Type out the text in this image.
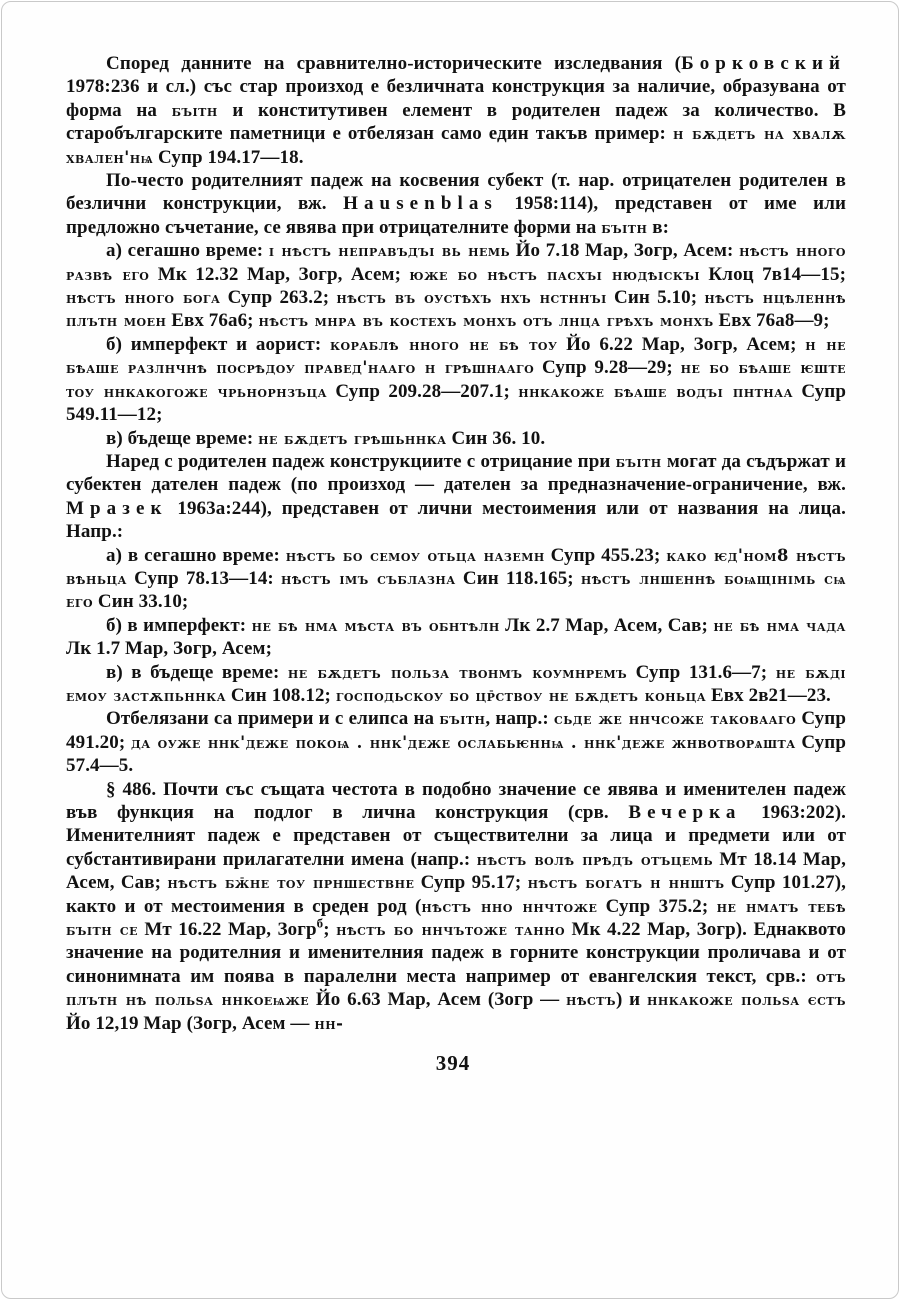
Според данните на сравнително-историческите изследвания (Борковский 1978:236 и сл.) със стар произход е безличната конструкция за наличие, образувана от форма на бъітн и конститутивен елемент в родителен падеж за количество. В старобългарските паметници е отбелязан само един такъв пример: н бѫдетъ на хвалѫ хвален'нѩ Супр 194.17—18.

По-често родителният падеж на косвения субект (т. нар. отрицателен родителен в безлични конструкции, вж. Hausenblas 1958:114), представен от име или предложно съчетание, се явява при отрицателните форми на бъітн в:

а) сегашно време: і нѣстъ неправъдъі вь немь Йо 7.18 Мар, Зогр, Асем: нѣстъ нного развѣ его Мк 12.32 Мар, Зогр, Асем; юже бо нѣстъ пасхъі нюдѣіскъі Клоц 7в14—15; нѣстъ нного бога Супр 263.2; нѣстъ въ оустѣхъ нхъ нстннъі Син 5.10; нѣстъ нцѣленнѣ плътн моен Евх 76а6; нѣстъ мнра въ костехъ монхъ отъ лнца грѣхъ монхъ Евх 76а8—9;

б) имперфект и аорист: кораблѣ нного не бѣ тоу Йо 6.22 Мар, Зогр, Асем; н не бѣаше разлнчнѣ посрѣдоу правед'нааго н грѣшнааго Супр 9.28—29; не бо бѣаше ѥште тоу ннкакогоже чрьнорнзъца Супр 209.28—207.1; ннкакоже бѣаше водъі пнтнаа Супр 549.11—12;

в) бъдеще време: не бѫдетъ грѣшьннка Син 36. 10.

Наред с родителен падеж конструкциите с отрицание при бъітн могат да съдържат и субектен дателен падеж (по произход — дателен за предназначение-ограничение, вж. Мразек 1963а:244), представен от лични местоимения или от названия на лица. Напр.:

а) в сегашно време: нѣстъ бо семоу отьца наземн Супр 455.23; како ѥд'ном8 нѣстъ вѣньца Супр 78.13—14: нѣстъ імъ съблазна Син 118.165; нѣстъ лншеннѣ боѩщінімь сѩ его Син 33.10;

б) в имперфект: не бѣ нма мѣста въ обнтѣлн Лк 2.7 Мар, Асем, Сав; не бѣ нма чада Лк 1.7 Мар, Зогр, Асем;

в) в бъдеще време: не бѫдетъ польза твонмъ коумнремъ Супр 131.6—7; не бѫді емоу застѫпьннка Син 108.12; господьскоу бо цр̄ствоу не бѫдетъ коньца Евх 2в21—23.

Отбелязани са примери и с елипса на бъітн, напр.: сьде же ннчсоже таковааго Супр 491.20; да оуже ннк'деже покоѩ . ннк'деже ослабьѥннѩ . ннк'деже жнвотворѧшта Супр 57.4—5.

§ 486. Почти със същата честота в подобно значение се явява и именителен падеж във функция на подлог в лична конструкция (срв. Вечерка 1963:202). Именителният падеж е представен от съществителни за лица и предмети или от субстантивирани прилагателни имена (напр.: нѣстъ волѣ прѣдъ отъцемь Мт 18.14 Мар, Асем, Сав; нѣстъ бж̄не тоу прншествне Супр 95.17; нѣстъ богатъ н ннштъ Супр 101.27), както и от местоимения в среден род (нѣстъ нно ннчтоже Супр 375.2; не нматъ тебѣ бъітн се Мт 16.22 Мар, Зогр$^б$; нѣстъ бо ннчътоже танно Мк 4.22 Мар, Зогр). Еднаквото значение на родителния и именителния падеж в горните конструкции проличава и от синонимната им поява в паралелни места например от евангелския текст, срв.: отъ плътн нѣ польѕа ннкоеѩже Йо 6.63 Мар, Асем (Зогр — нѣстъ) и ннкакоже польѕа єстъ Йо 12,19 Мар (Зогр, Асем — нн-

394
